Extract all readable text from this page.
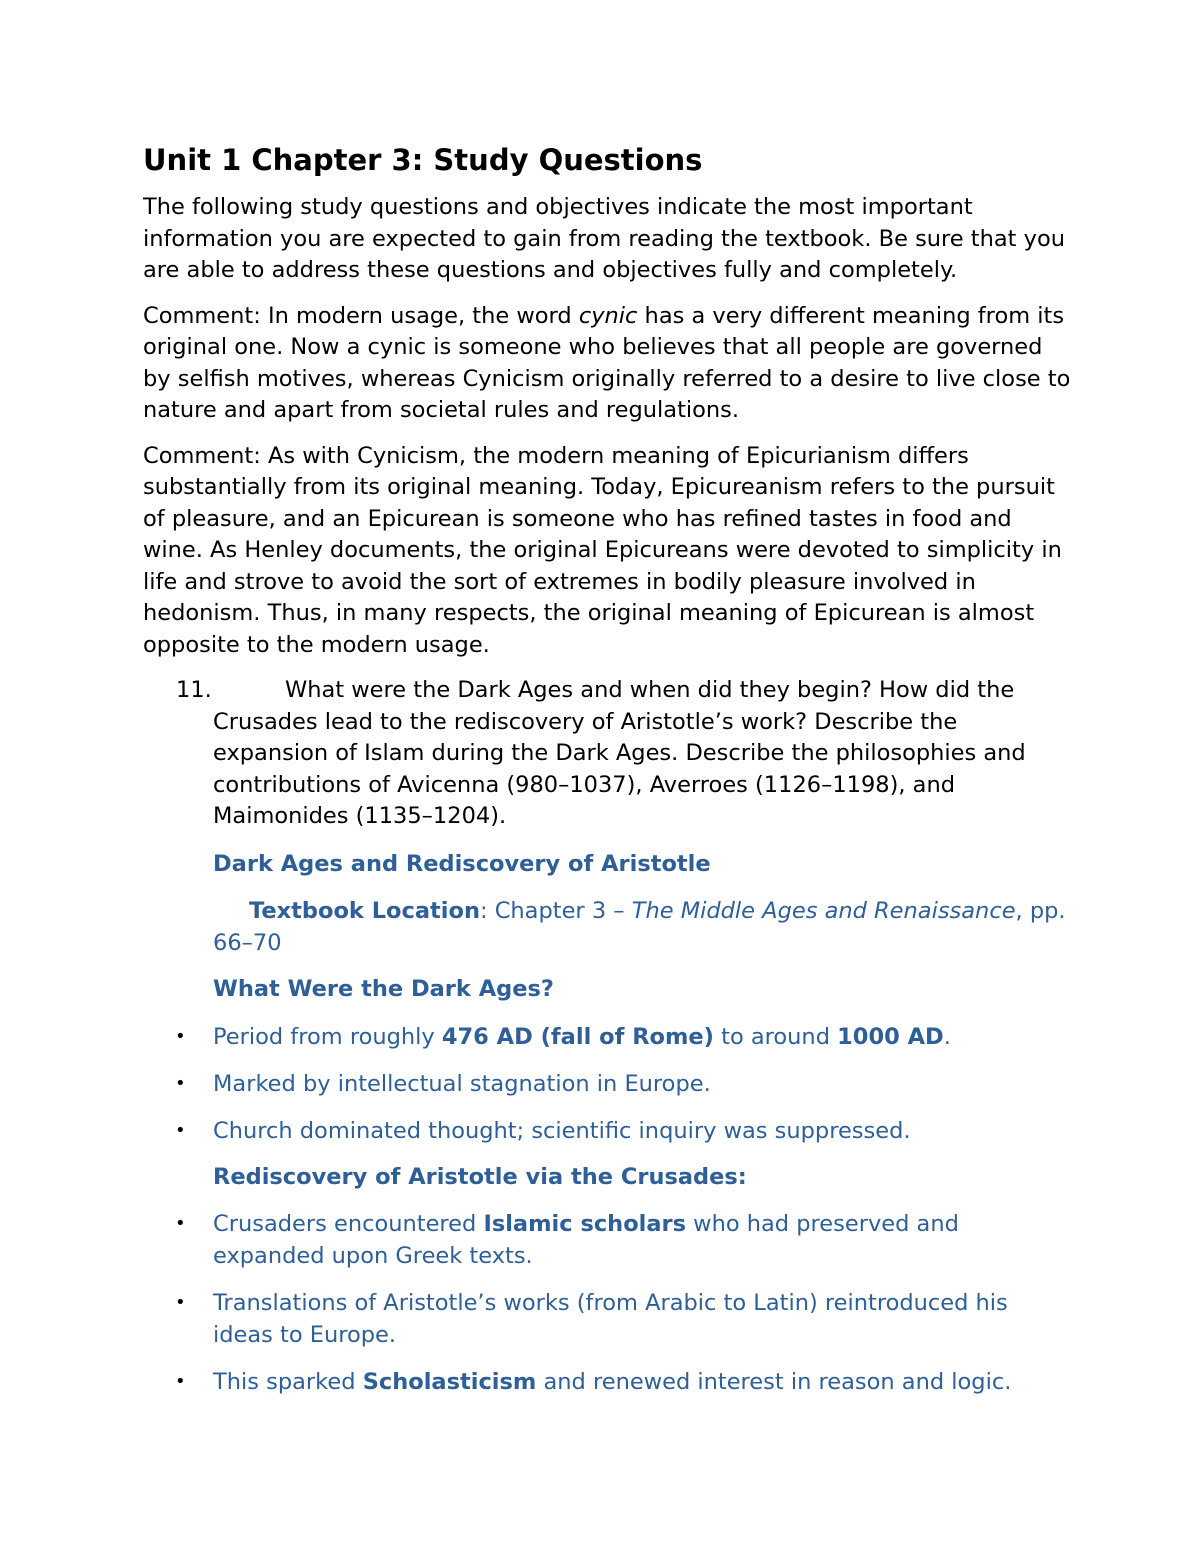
Unit 1 Chapter 3: Study Questions

The following study questions and objectives indicate the most important information you are expected to gain from reading the textbook. Be sure that you are able to address these questions and objectives fully and completely.

Comment: In modern usage, the word cynic has a very different meaning from its original one. Now a cynic is someone who believes that all people are governed by selfish motives, whereas Cynicism originally referred to a desire to live close to nature and apart from societal rules and regulations.

Comment: As with Cynicism, the modern meaning of Epicurianism differs substantially from its original meaning. Today, Epicureanism refers to the pursuit of pleasure, and an Epicurean is someone who has refined tastes in food and wine. As Henley documents, the original Epicureans were devoted to simplicity in life and strove to avoid the sort of extremes in bodily pleasure involved in hedonism. Thus, in many respects, the original meaning of Epicurean is almost opposite to the modern usage.

11.	What were the Dark Ages and when did they begin? How did the Crusades lead to the rediscovery of Aristotle’s work? Describe the expansion of Islam during the Dark Ages. Describe the philosophies and contributions of Avicenna (980–1037), Averroes (1126–1198), and Maimonides (1135–1204).
Dark Ages and Rediscovery of Aristotle
Textbook Location: Chapter 3 – The Middle Ages and Renaissance, pp. 66–70
What Were the Dark Ages?
• Period from roughly 476 AD (fall of Rome) to around 1000 AD.
• Marked by intellectual stagnation in Europe.
• Church dominated thought; scientific inquiry was suppressed.
Rediscovery of Aristotle via the Crusades:
• Crusaders encountered Islamic scholars who had preserved and expanded upon Greek texts.
• Translations of Aristotle’s works (from Arabic to Latin) reintroduced his ideas to Europe.
• This sparked Scholasticism and renewed interest in reason and logic.
